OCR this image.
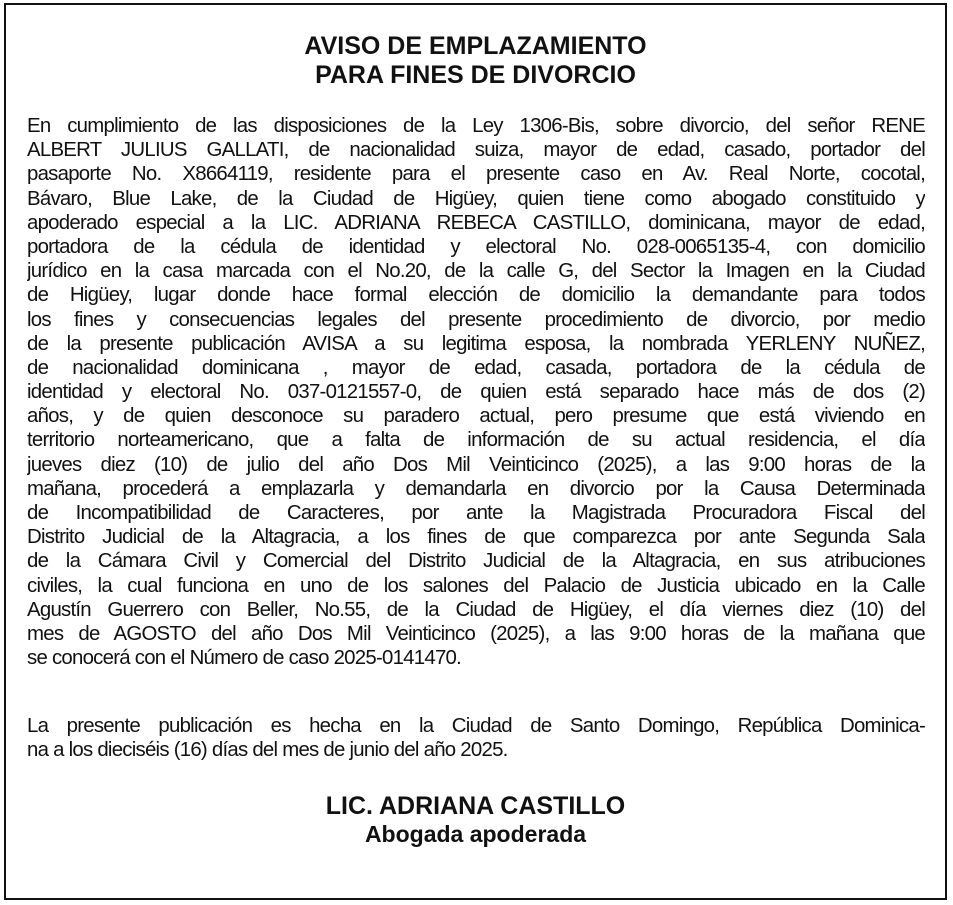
AVISO DE EMPLAZAMIENTO
PARA FINES DE DIVORCIO
En cumplimiento de las disposiciones de la Ley 1306-Bis, sobre divorcio, del señor RENE
ALBERT JULIUS GALLATI, de nacionalidad suiza, mayor de edad, casado, portador del
pasaporte No. X8664119, residente para el presente caso en Av. Real Norte, cocotal,
Bávaro, Blue Lake, de la Ciudad de Higüey, quien tiene como abogado constituido y
apoderado especial a la LIC. ADRIANA REBECA CASTILLO, dominicana, mayor de edad,
portadora de la cédula de identidad y electoral No. 028-0065135-4, con domicilio
jurídico en la casa marcada con el No.20, de la calle G, del Sector la Imagen en la Ciudad
de Higüey, lugar donde hace formal elección de domicilio la demandante para todos
los fines y consecuencias legales del presente procedimiento de divorcio, por medio
de la presente publicación AVISA a su legitima esposa, la nombrada YERLENY NUÑEZ,
de nacionalidad dominicana , mayor de edad, casada, portadora de la cédula de
identidad y electoral No. 037-0121557-0, de quien está separado hace más de dos (2)
años, y de quien desconoce su paradero actual, pero presume que está viviendo en
territorio norteamericano, que a falta de información de su actual residencia, el día
jueves diez (10) de julio del año Dos Mil Veinticinco (2025), a las 9:00 horas de la
mañana, procederá a emplazarla y demandarla en divorcio por la Causa Determinada
de Incompatibilidad de Caracteres, por ante la Magistrada Procuradora Fiscal del
Distrito Judicial de la Altagracia, a los fines de que comparezca por ante Segunda Sala
de la Cámara Civil y Comercial del Distrito Judicial de la Altagracia, en sus atribuciones
civiles, la cual funciona en uno de los salones del Palacio de Justicia ubicado en la Calle
Agustín Guerrero con Beller, No.55, de la Ciudad de Higüey, el día viernes diez (10) del
mes de AGOSTO del año Dos Mil Veinticinco (2025), a las 9:00 horas de la mañana que
se conocerá con el Número de caso 2025-0141470.
La presente publicación es hecha en la Ciudad de Santo Domingo, República Dominica-
na a los dieciséis (16) días del mes de junio del año 2025.
LIC. ADRIANA CASTILLO
Abogada apoderada
